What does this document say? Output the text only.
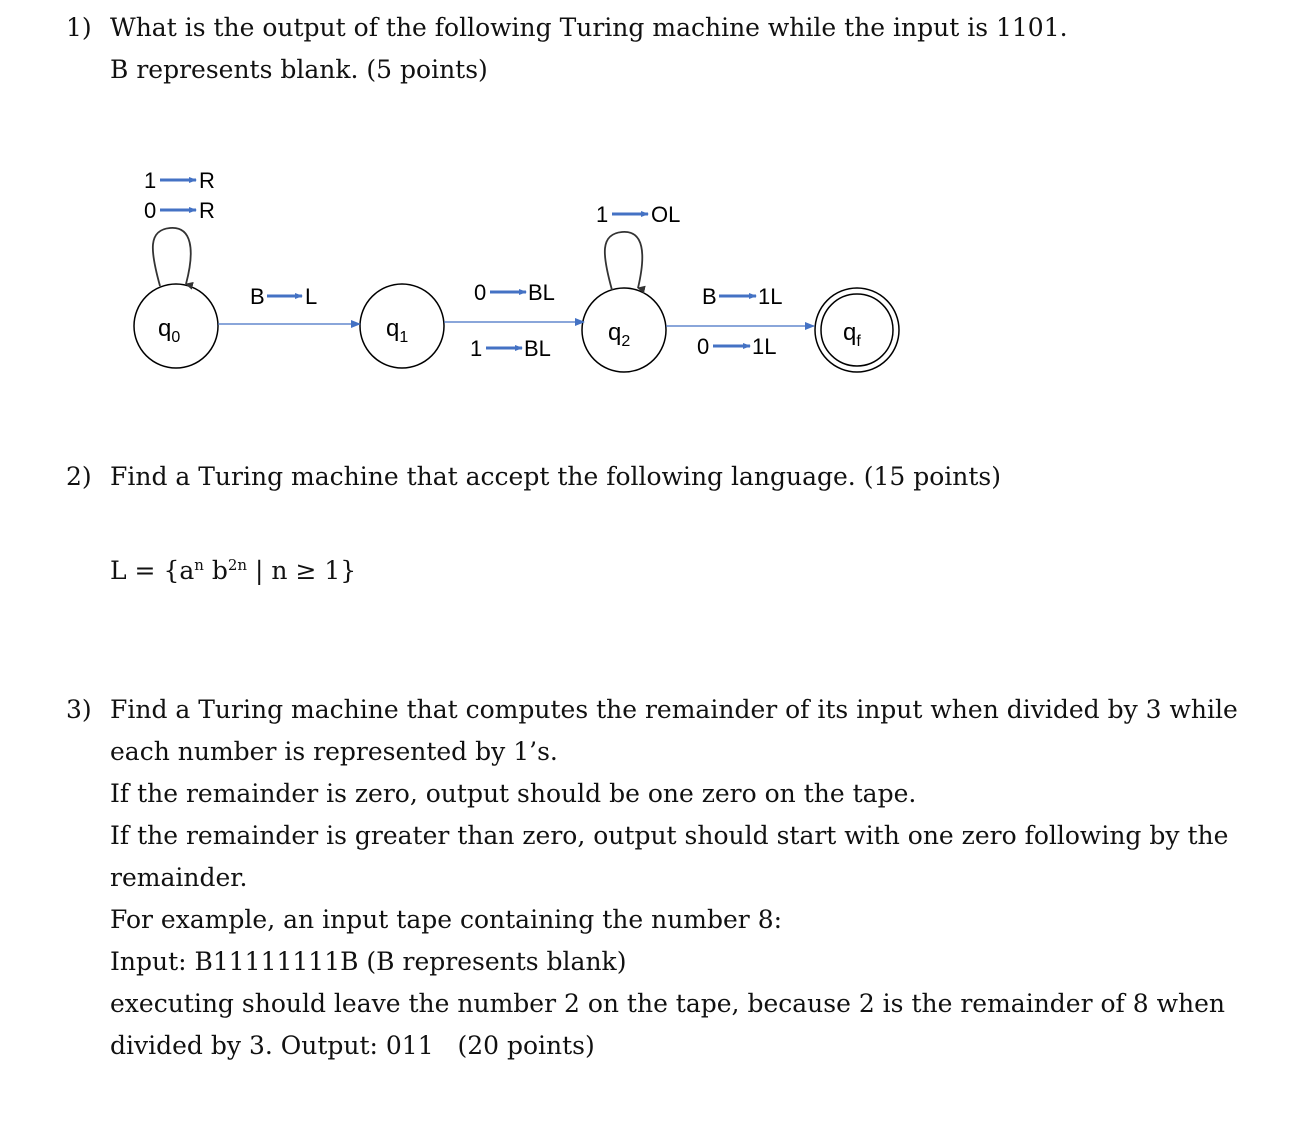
1) What is the output of the following Turing machine while the input is 1101.
B represents blank. (5 points)
$q_0$	$q_1$	$q_2$	$q_f$
1 R
0 R
B L	0 BL
1 BL
1 OL
B 1L
0 1L
2) Find a Turing machine that accept the following language. (15 points)
$L = \{a^n$ $b^{2n}$ | n ≥ 1}
3) Find a Turing machine that computes the remainder of its input when divided by 3 while
each number is represented by 1’s.
If the remainder is zero, output should be one zero on the tape.
If the remainder is greater than zero, output should start with one zero following by the
remainder.
For example, an input tape containing the number 8:
Input: B11111111B (B represents blank)
executing should leave the number 2 on the tape, because 2 is the remainder of 8 when
divided by 3. Output: 011   (20 points)
